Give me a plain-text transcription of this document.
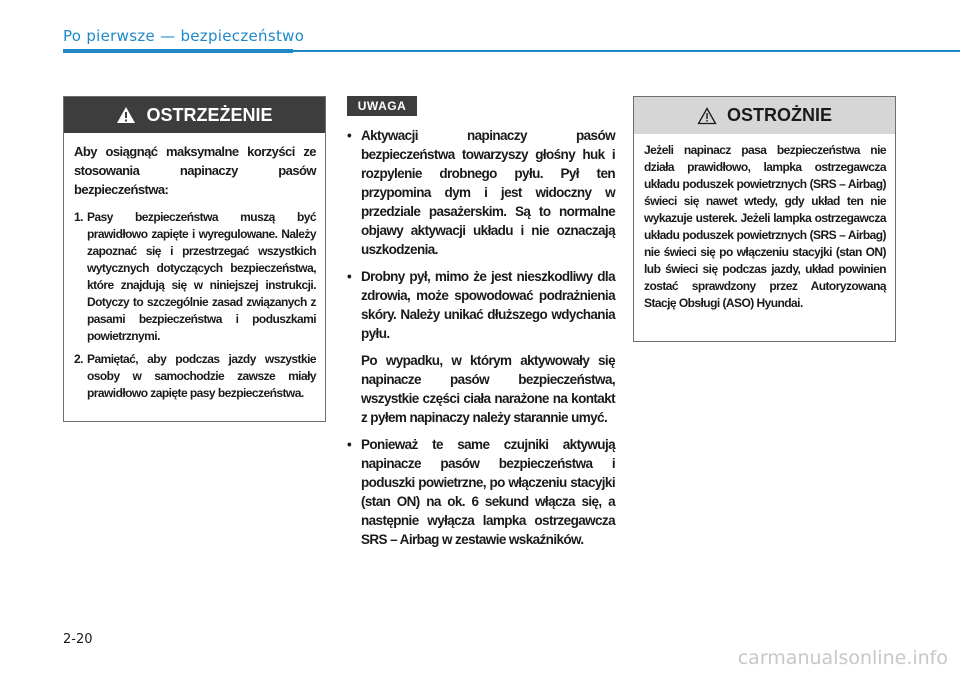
Po pierwsze — bezpieczeństwo
OSTRZEŻENIE

Aby osiągnąć maksymalne korzyści ze stosowania napinaczy pasów bezpieczeństwa:

1. Pasy bezpieczeństwa muszą być prawidłowo zapięte i wyregulowane. Należy zapoznać się i przestrzegać wszystkich wytycznych dotyczących bezpieczeństwa, które znajdują się w niniejszej instrukcji. Dotyczy to szczególnie zasad związanych z pasami bezpieczeństwa i poduszkami powietrznymi.
2. Pamiętać, aby podczas jazdy wszystkie osoby w samochodzie zawsze miały prawidłowo zapięte pasy bezpieczeństwa.
UWAGA
• Aktywacji napinaczy pasów bezpieczeństwa towarzyszy głośny huk i rozpylenie drobnego pyłu. Pył ten przypomina dym i jest widoczny w przedziale pasażerskim. Są to normalne objawy aktywacji układu i nie oznaczają uszkodzenia.
• Drobny pył, mimo że jest nieszkodliwy dla zdrowia, może spowodować podrażnienia skóry. Należy unikać dłuższego wdychania pyłu.

Po wypadku, w którym aktywowały się napinacze pasów bezpieczeństwa, wszystkie części ciała narażone na kontakt z pyłem napinaczy należy starannie umyć.

• Ponieważ te same czujniki aktywują napinacze pasów bezpieczeństwa i poduszki powietrzne, po włączeniu stacyjki (stan ON) na ok. 6 sekund włącza się, a następnie wyłącza lampka ostrzegawcza SRS – Airbag w zestawie wskaźników.
OSTROŻNIE

Jeżeli napinacz pasa bezpieczeństwa nie działa prawidłowo, lampka ostrzegawcza układu poduszek powietrznych (SRS – Airbag) świeci się nawet wtedy, gdy układ ten nie wykazuje usterek. Jeżeli lampka ostrzegawcza układu poduszek powietrznych (SRS – Airbag) nie świeci się po włączeniu stacyjki (stan ON) lub świeci się podczas jazdy, układ powinien zostać sprawdzony przez Autoryzowaną Stację Obsługi (ASO) Hyundai.

2-20
carmanualsonline.info
